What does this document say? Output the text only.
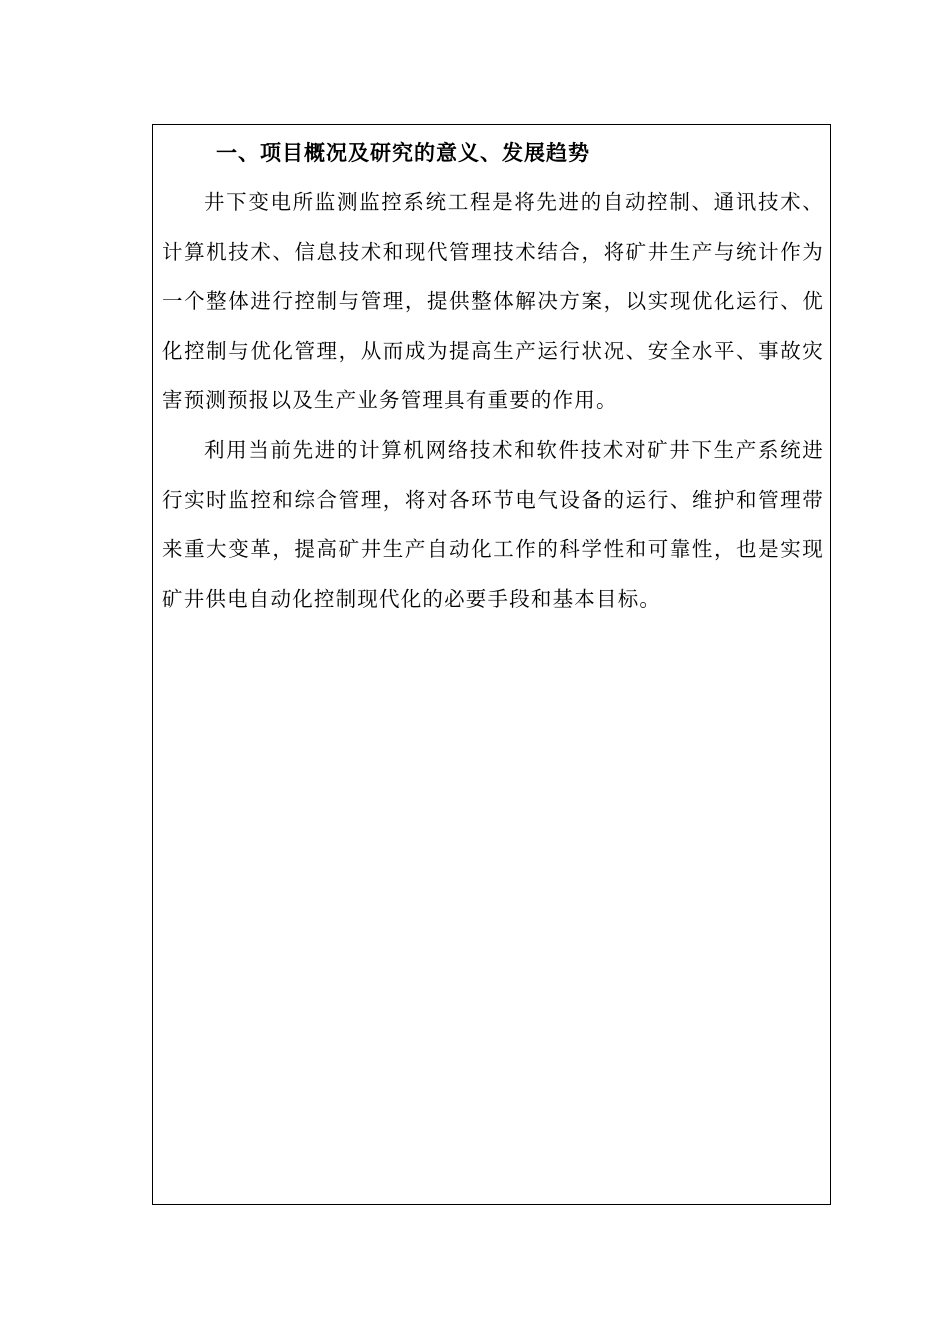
一、项目概况及研究的意义、发展趋势

井下变电所监测监控系统工程是将先进的自动控制、通讯技术、计算机技术、信息技术和现代管理技术结合，将矿井生产与统计作为一个整体进行控制与管理，提供整体解决方案，以实现优化运行、优化控制与优化管理，从而成为提高生产运行状况、安全水平、事故灾害预测预报以及生产业务管理具有重要的作用。

利用当前先进的计算机网络技术和软件技术对矿井下生产系统进行实时监控和综合管理，将对各环节电气设备的运行、维护和管理带来重大变革，提高矿井生产自动化工作的科学性和可靠性，也是实现矿井供电自动化控制现代化的必要手段和基本目标。
